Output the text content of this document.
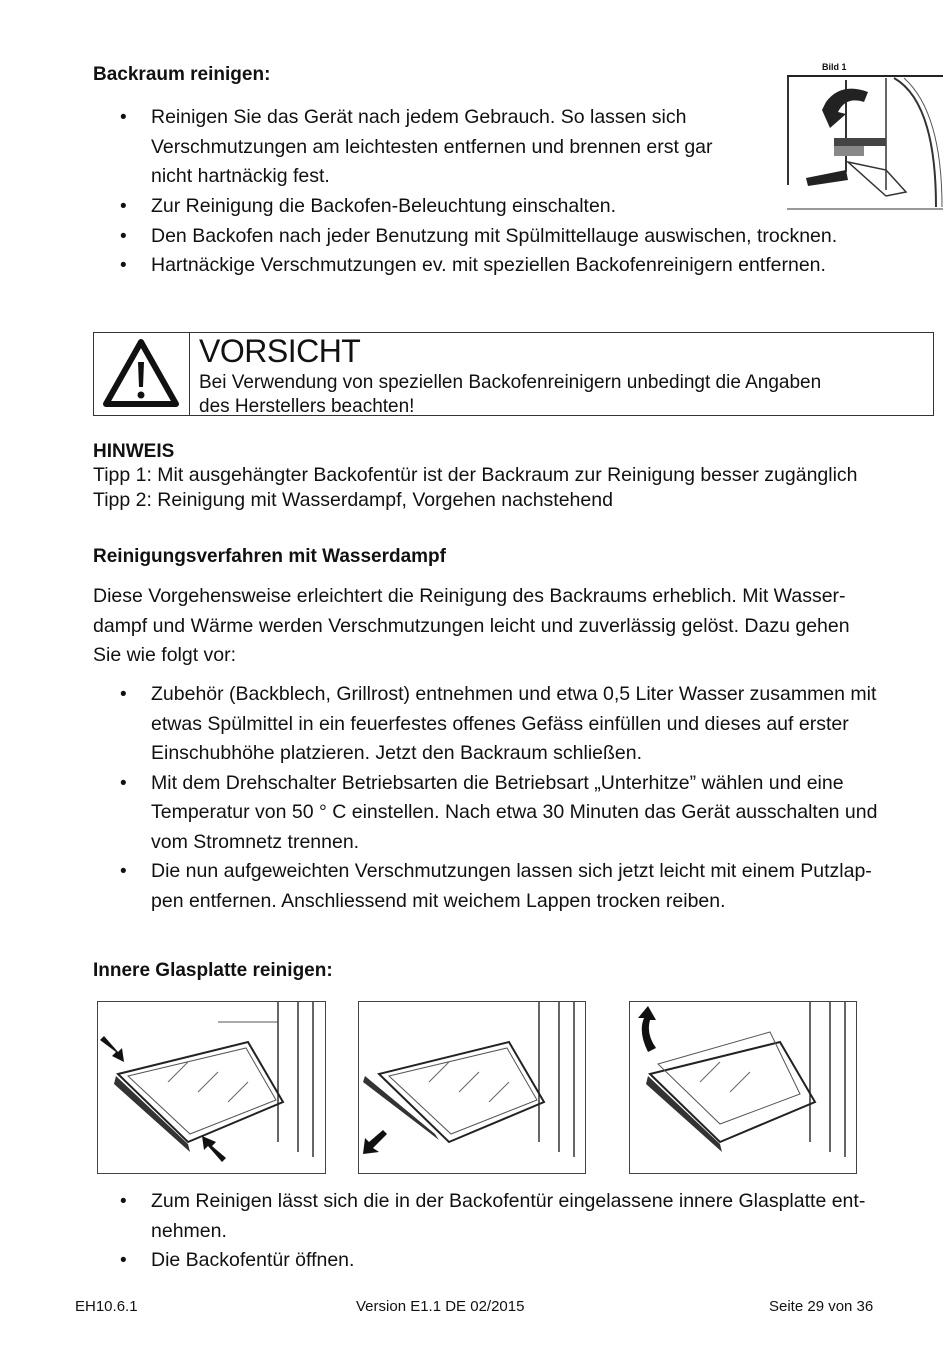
Backraum reinigen:
• Reinigen Sie das Gerät nach jedem Gebrauch. So lassen sich
Verschmutzungen am leichtesten entfernen und brennen erst gar
nicht hartnäckig fest.
• Zur Reinigung die Backofen-Beleuchtung einschalten.
• Den Backofen nach jeder Benutzung mit Spülmittellauge auswischen, trocknen.
• Hartnäckige Verschmutzungen ev. mit speziellen Backofenreinigern entfernen.
Bild 1
VORSICHT
Bei Verwendung von speziellen Backofenreinigern unbedingt die Angaben
des Herstellers beachten!
HINWEIS
Tipp 1: Mit ausgehängter Backofentür ist der Backraum zur Reinigung besser zugänglich
Tipp 2: Reinigung mit Wasserdampf, Vorgehen nachstehend
Reinigungsverfahren mit Wasserdampf
Diese Vorgehensweise erleichtert die Reinigung des Backraums erheblich. Mit Wasser-
dampf und Wärme werden Verschmutzungen leicht und zuverlässig gelöst. Dazu gehen
Sie wie folgt vor:
• Zubehör (Backblech, Grillrost) entnehmen und etwa 0,5 Liter Wasser zusammen mit
etwas Spülmittel in ein feuerfestes offenes Gefäss einfüllen und dieses auf erster
Einschubhöhe platzieren. Jetzt den Backraum schließen.
• Mit dem Drehschalter Betriebsarten die Betriebsart „Unterhitze” wählen und eine
Temperatur von 50 ° C einstellen. Nach etwa 30 Minuten das Gerät ausschalten und
vom Stromnetz trennen.
• Die nun aufgeweichten Verschmutzungen lassen sich jetzt leicht mit einem Putzlap-
pen entfernen. Anschliessend mit weichem Lappen trocken reiben.
Innere Glasplatte reinigen:
• Zum Reinigen lässt sich die in der Backofentür eingelassene innere Glasplatte ent-
nehmen.
• Die Backofentür öffnen.
EH10.6.1	Version E1.1 DE 02/2015	Seite 29 von 36
